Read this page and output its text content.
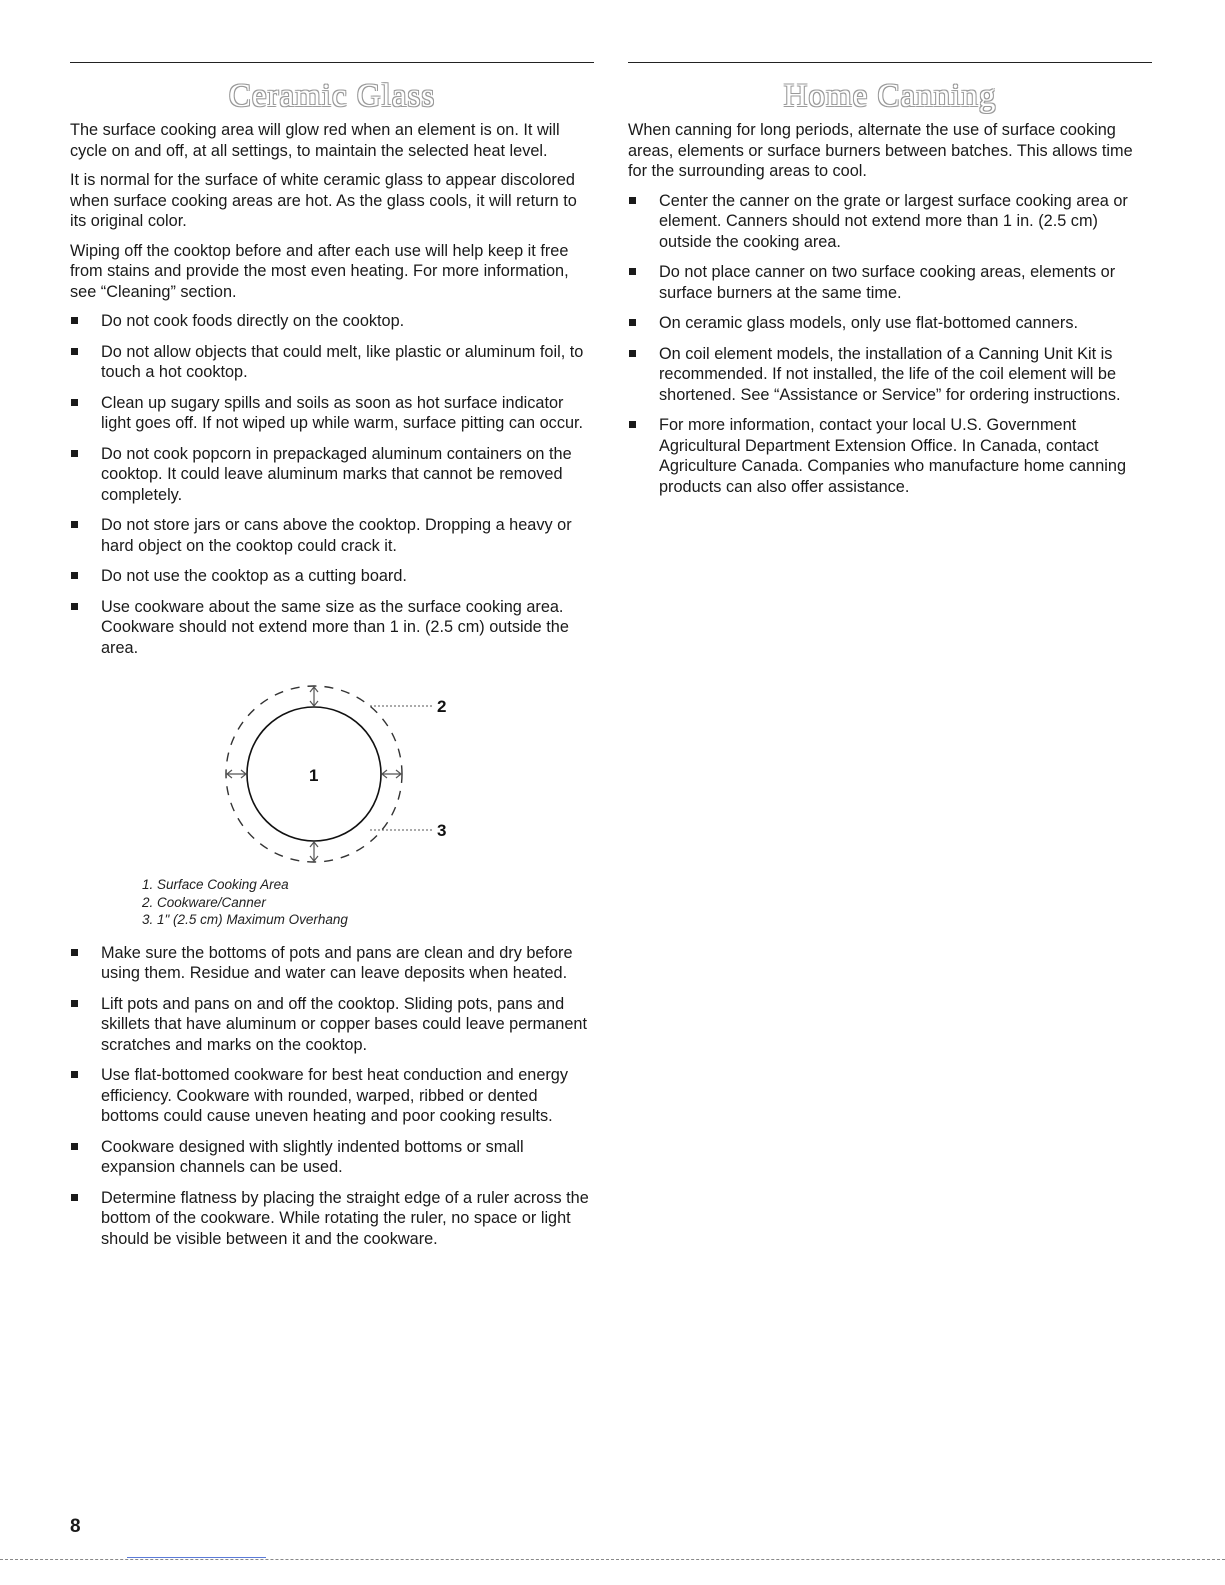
Ceramic Glass

The surface cooking area will glow red when an element is on. It will cycle on and off, at all settings, to maintain the selected heat level.

It is normal for the surface of white ceramic glass to appear discolored when surface cooking areas are hot. As the glass cools, it will return to its original color.

Wiping off the cooktop before and after each use will help keep it free from stains and provide the most even heating. For more information, see “Cleaning” section.

Do not cook foods directly on the cooktop.
Do not allow objects that could melt, like plastic or aluminum foil, to touch a hot cooktop.
Clean up sugary spills and soils as soon as hot surface indicator light goes off. If not wiped up while warm, surface pitting can occur.
Do not cook popcorn in prepackaged aluminum containers on the cooktop. It could leave aluminum marks that cannot be removed completely.
Do not store jars or cans above the cooktop. Dropping a heavy or hard object on the cooktop could crack it.
Do not use the cooktop as a cutting board.
Use cookware about the same size as the surface cooking area. Cookware should not extend more than 1 in. (2.5 cm) outside the area.
1
2
3
1. Surface Cooking Area
2. Cookware/Canner
3. 1" (2.5 cm) Maximum Overhang
Make sure the bottoms of pots and pans are clean and dry before using them. Residue and water can leave deposits when heated.
Lift pots and pans on and off the cooktop. Sliding pots, pans and skillets that have aluminum or copper bases could leave permanent scratches and marks on the cooktop.
Use flat-bottomed cookware for best heat conduction and energy efficiency. Cookware with rounded, warped, ribbed or dented bottoms could cause uneven heating and poor cooking results.
Cookware designed with slightly indented bottoms or small expansion channels can be used.
Determine flatness by placing the straight edge of a ruler across the bottom of the cookware. While rotating the ruler, no space or light should be visible between it and the cookware.
Home Canning

When canning for long periods, alternate the use of surface cooking areas, elements or surface burners between batches. This allows time for the surrounding areas to cool.

Center the canner on the grate or largest surface cooking area or element. Canners should not extend more than 1 in. (2.5 cm) outside the cooking area.
Do not place canner on two surface cooking areas, elements or surface burners at the same time.
On ceramic glass models, only use flat-bottomed canners.
On coil element models, the installation of a Canning Unit Kit is recommended. If not installed, the life of the coil element will be shortened. See “Assistance or Service” for ordering instructions.
For more information, contact your local U.S. Government Agricultural Department Extension Office. In Canada, contact Agriculture Canada. Companies who manufacture home canning products can also offer assistance.
8
